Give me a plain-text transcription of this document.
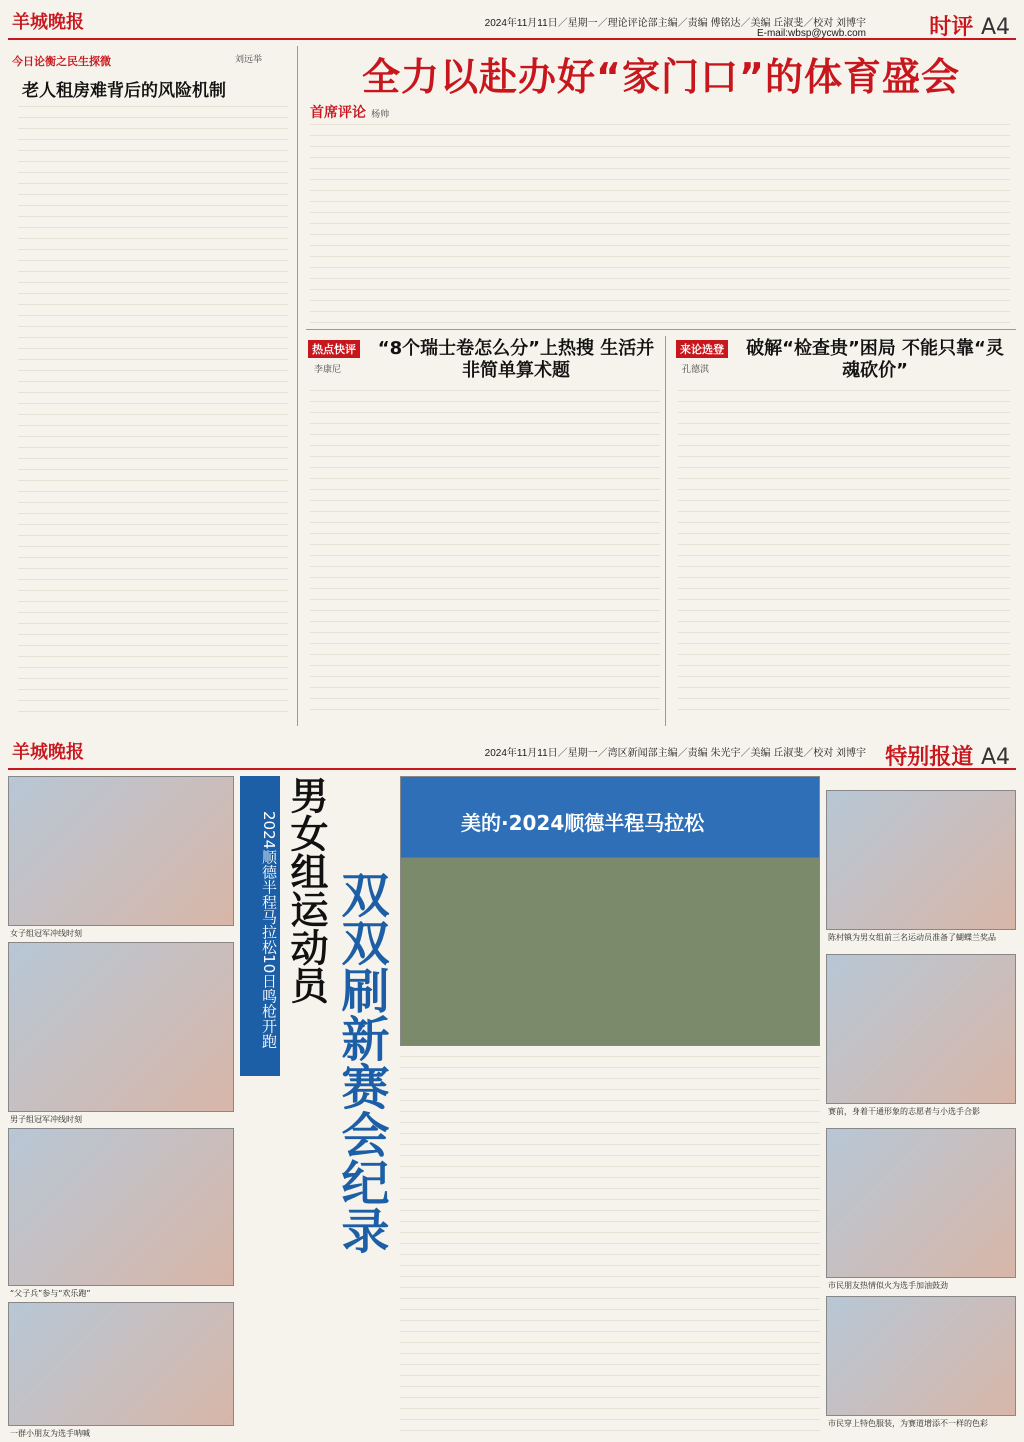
羊城晚报	2024年11月11日／星期一／理论评论部主编／责编 傅铭达／美编 丘淑斐／校对 刘博宇
E-mail:wbsp@ycwb.com	时评 A4
今日论衡之民生探微	刘远举
老人租房难背后的风险机制	全力以赴办好“家门口”的体育盛会
首席评论 杨帅
热点快评
李康尼
“8个瑞士卷怎么分”上热搜 生活并非简单算术题
来论选登
孔德淇
破解“检查贵”困局 不能只靠“灵魂砍价”
羊城晚报	2024年11月11日／星期一／湾区新闻部主编／责编 朱光宇／美编 丘淑斐／校对 刘博宇 特别报道 A4
女子组冠军冲线时刻
男子组冠军冲线时刻
“父子兵”参与“欢乐跑”
一群小朋友为选手呐喊
2024顺德半程马拉松10日鸣枪开跑 男女组运动员 双双刷新赛会纪录
美的·2024顺德半程马拉松
陈村镇为男女组前三名运动员准备了蝴蝶兰奖品
赛前，身着干通形象的志愿者与小选手合影
市民朋友热情似火为选手加油鼓劲
市民穿上特色服装，为赛道增添不一样的色彩
